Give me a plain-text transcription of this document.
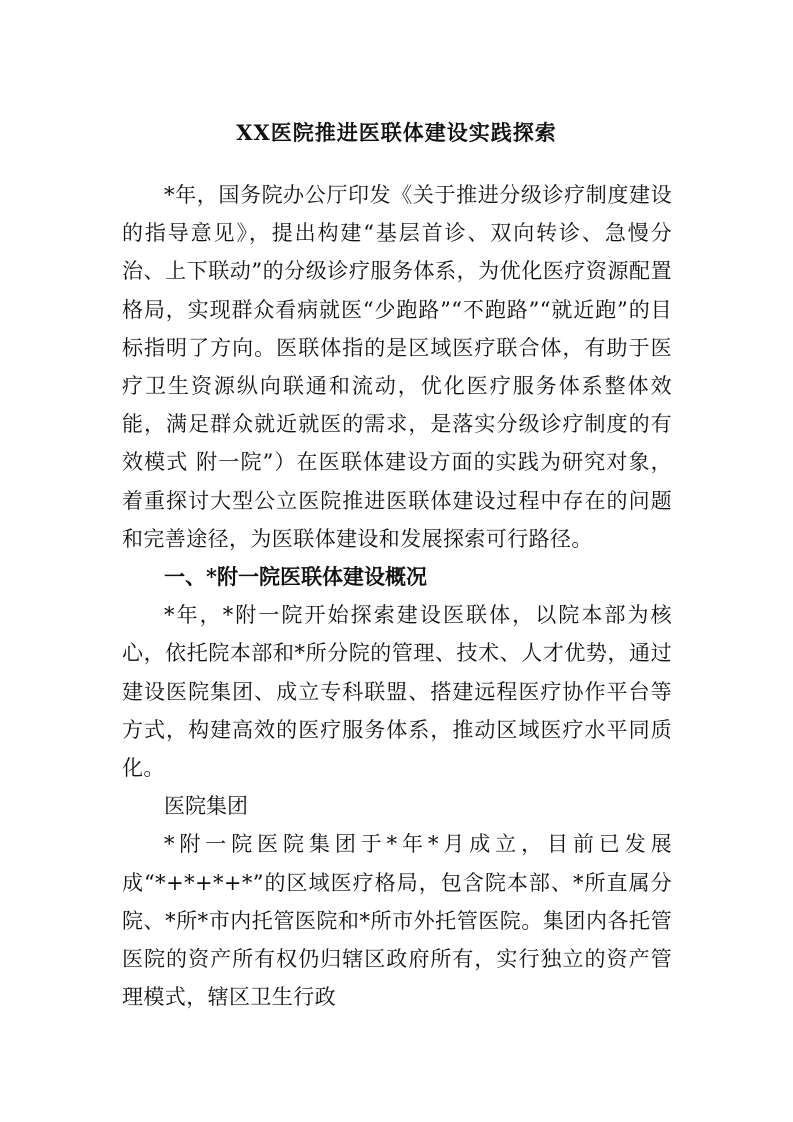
XX医院推进医联体建设实践探索

*年，国务院办公厅印发《关于推进分级诊疗制度建设的指导意见》，提出构建“基层首诊、双向转诊、急慢分治、上下联动”的分级诊疗服务体系，为优化医疗资源配置格局，实现群众看病就医“少跑路”“不跑路”“就近跑”的目标指明了方向。医联体指的是区域医疗联合体，有助于医疗卫生资源纵向联通和流动，优化医疗服务体系整体效能，满足群众就近就医的需求，是落实分级诊疗制度的有效模式 附一院”）在医联体建设方面的实践为研究对象，着重探讨大型公立医院推进医联体建设过程中存在的问题和完善途径，为医联体建设和发展探索可行路径。

一、*附一院医联体建设概况

*年，*附一院开始探索建设医联体，以院本部为核心，依托院本部和*所分院的管理、技术、人才优势，通过建设医院集团、成立专科联盟、搭建远程医疗协作平台等方式，构建高效的医疗服务体系，推动区域医疗水平同质化。

医院集团

*附一院医院集团于*年*月成立，目前已发展成“*+*+*+*”的区域医疗格局，包含院本部、*所直属分院、*所*市内托管医院和*所市外托管医院。集团内各托管医院的资产所有权仍归辖区政府所有，实行独立的资产管理模式，辖区卫生行政
